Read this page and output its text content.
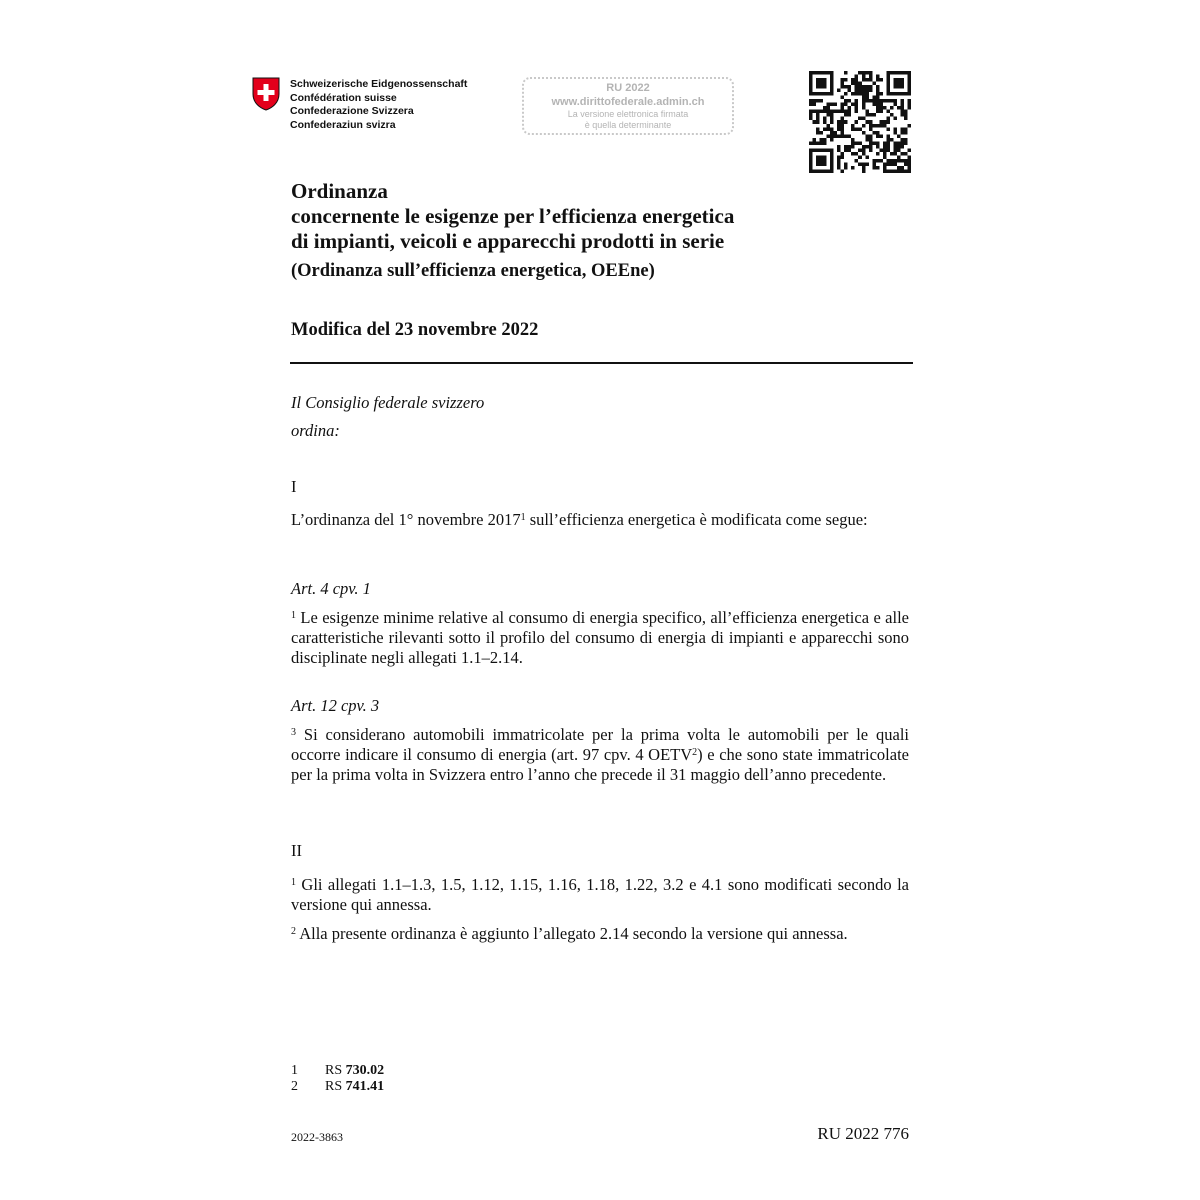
Schweizerische Eidgenossenschaft
Confédération suisse
Confederazione Svizzera
Confederaziun svizra
RU 2022
www.dirittofederale.admin.ch
La versione elettronica firmata
è quella determinante
Ordinanza
concernente le esigenze per l’efficienza energetica
di impianti, veicoli e apparecchi prodotti in serie
(Ordinanza sull’efficienza energetica, OEEne)
Modifica del 23 novembre 2022
Il Consiglio federale svizzero
ordina:
I
L’ordinanza del 1° novembre 2017$^1$ sull’efficienza energetica è modificata come segue:
Art. 4 cpv. 1
$^1$ Le esigenze minime relative al consumo di energia specifico, all’efficienza energetica e alle caratteristiche rilevanti sotto il profilo del consumo di energia di impianti e apparecchi sono disciplinate negli allegati 1.1–2.14.
Art. 12 cpv. 3
$^3$ Si considerano automobili immatricolate per la prima volta le automobili per le quali occorre indicare il consumo di energia (art. 97 cpv. 4 OETV$^2$) e che sono state immatricolate per la prima volta in Svizzera entro l’anno che precede il 31 maggio dell’anno precedente.
II
$^1$ Gli allegati 1.1–1.3, 1.5, 1.12, 1.15, 1.16, 1.18, 1.22, 3.2 e 4.1 sono modificati secondo la versione qui annessa.
$^2$ Alla presente ordinanza è aggiunto l’allegato 2.14 secondo la versione qui annessa.
1 RS 730.02
2 RS 741.41
2022-3863	RU 2022 776
